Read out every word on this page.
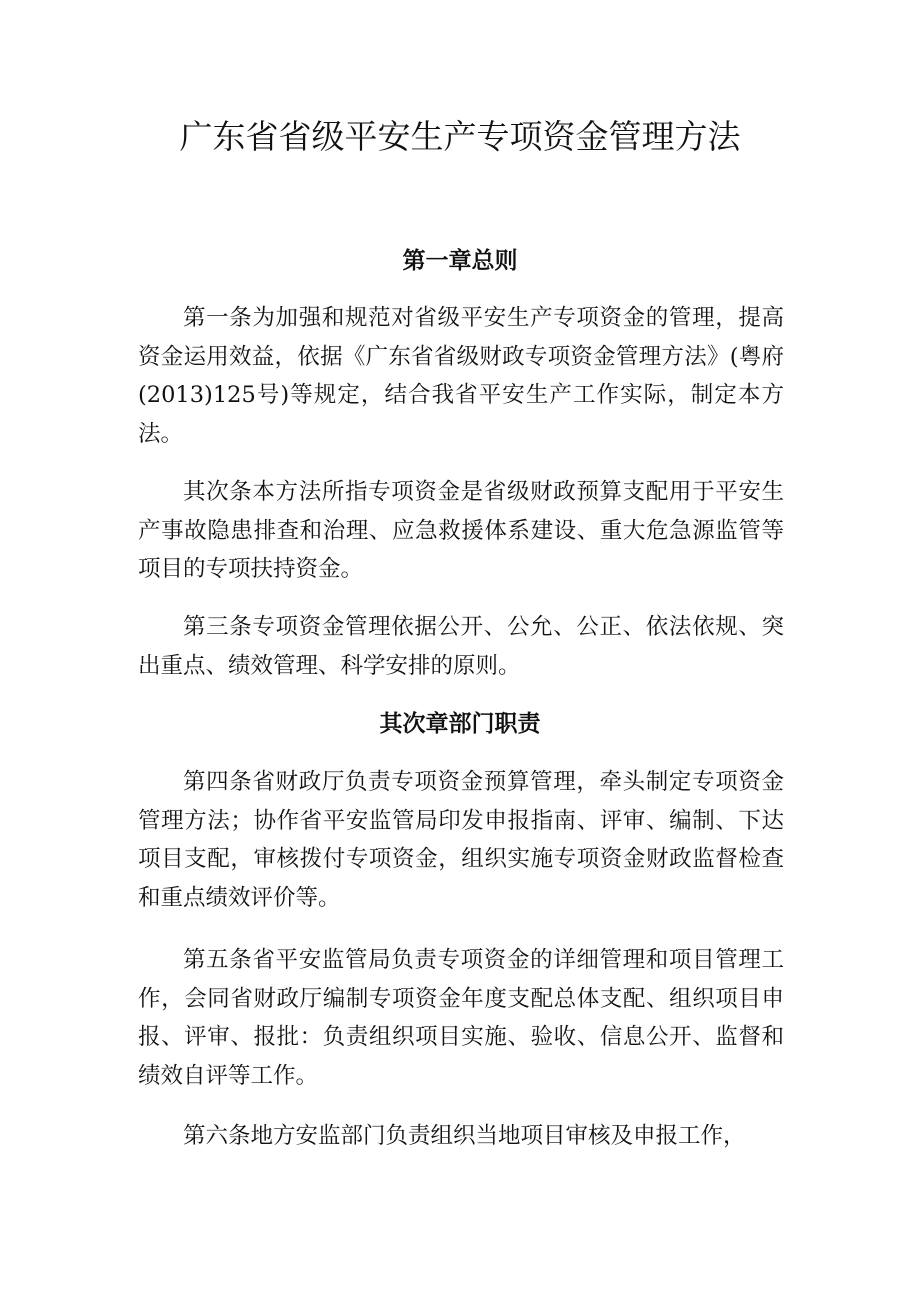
广东省省级平安生产专项资金管理方法
第一章总则

第一条为加强和规范对省级平安生产专项资金的管理，提高资金运用效益，依据《广东省省级财政专项资金管理方法》(粤府(2013)125号)等规定，结合我省平安生产工作实际，制定本方法。

其次条本方法所指专项资金是省级财政预算支配用于平安生产事故隐患排查和治理、应急救援体系建设、重大危急源监管等项目的专项扶持资金。

第三条专项资金管理依据公开、公允、公正、依法依规、突出重点、绩效管理、科学安排的原则。

其次章部门职责

第四条省财政厅负责专项资金预算管理，牵头制定专项资金管理方法；协作省平安监管局印发申报指南、评审、编制、下达项目支配，审核拨付专项资金，组织实施专项资金财政监督检查和重点绩效评价等。

第五条省平安监管局负责专项资金的详细管理和项目管理工作，会同省财政厅编制专项资金年度支配总体支配、组织项目申报、评审、报批：负责组织项目实施、验收、信息公开、监督和绩效自评等工作。

第六条地方安监部门负责组织当地项目审核及申报工作，
